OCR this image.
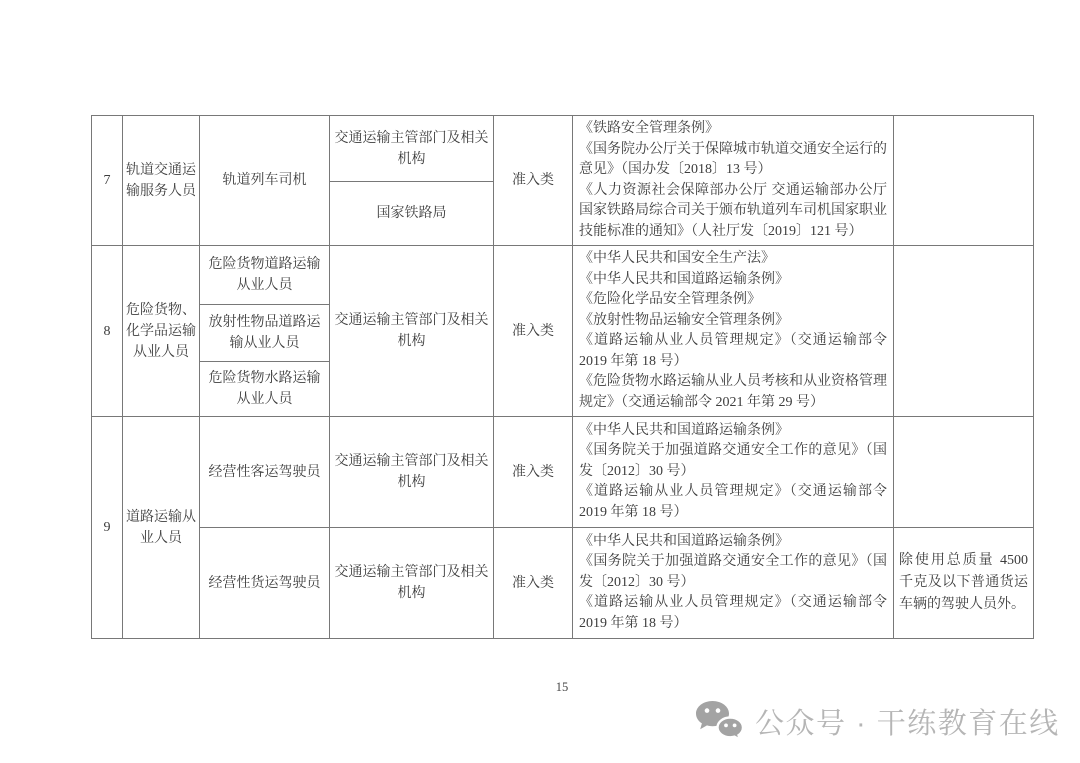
7	轨道交通运输服务人员	轨道列车司机	交通运输主管部门及相关机构	准入类	《铁路安全管理条例》
《国务院办公厅关于保障城市轨道交通安全运行的意见》（国办发〔2018〕13 号）
《人力资源社会保障部办公厅 交通运输部办公厅 国家铁路局综合司关于颁布轨道列车司机国家职业技能标准的通知》（人社厅发〔2019〕121 号）	

			国家铁路局			
8	危险货物、化学品运输从业人员	危险货物道路运输从业人员	交通运输主管部门及相关机构	准入类	
《中华人民共和国安全生产法》
《中华人民共和国道路运输条例》
《危险化学品安全管理条例》
《放射性物品运输安全管理条例》
《道路运输从业人员管理规定》（交通运输部令 2019 年第 18 号）
《危险货物水路运输从业人员考核和从业资格管理规定》（交通运输部令 2021 年第 29 号）

		放射性物品道路运输从业人员				
		危险货物水路运输从业人员				
9	道路运输从业人员	经营性客运驾驶员	交通运输主管部门及相关机构	准入类	《中华人民共和国道路运输条例》
《国务院关于加强道路交通安全工作的意见》（国发〔2012〕30 号）
《道路运输从业人员管理规定》（交通运输部令 2019 年第 18 号）	

		经营性货运驾驶员	交通运输主管部门及相关机构	准入类	《中华人民共和国道路运输条例》
《国务院关于加强道路交通安全工作的意见》（国发〔2012〕30 号）
《道路运输从业人员管理规定》（交通运输部令 2019 年第 18 号）	除使用总质量 4500 千克及以下普通货运车辆的驾驶人员外。
15
公众号 · 干练教育在线
